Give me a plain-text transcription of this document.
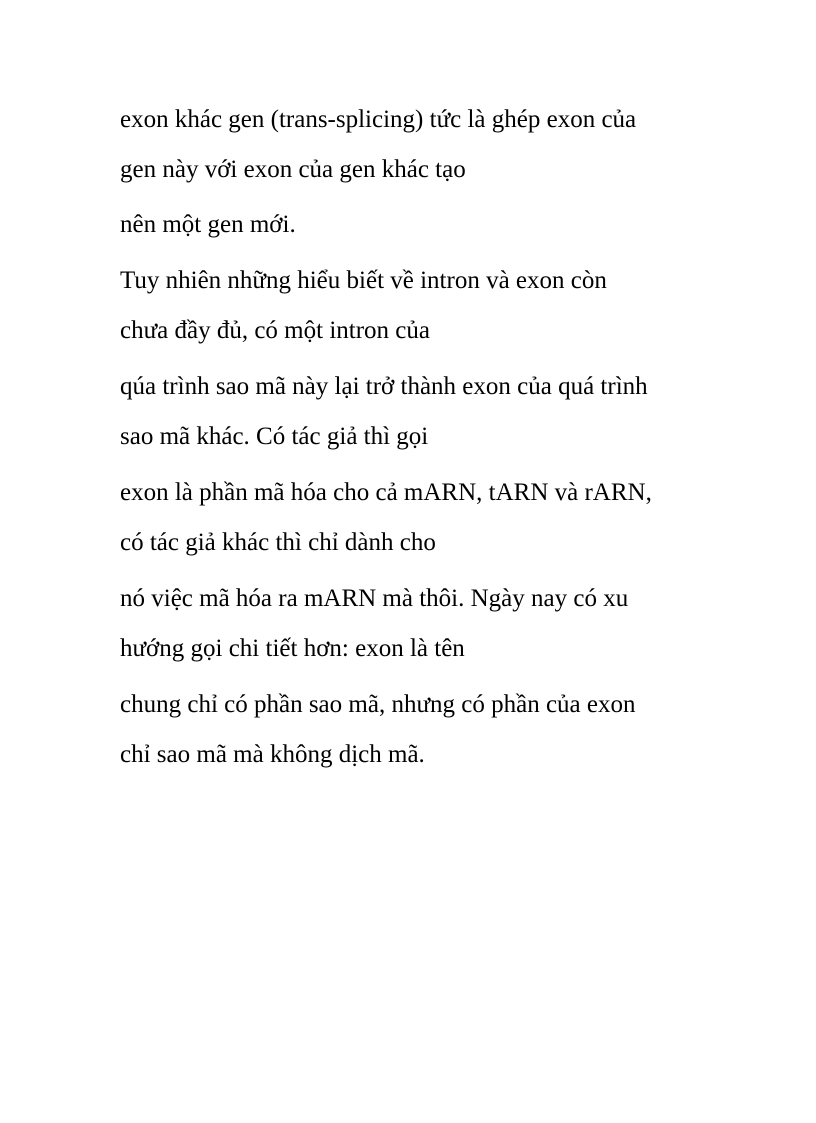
exon khác gen (trans-splicing) tức là ghép exon của

gen này với exon của gen khác tạo

nên một gen mới.

Tuy nhiên những hiểu biết về intron và exon còn

chưa đầy đủ, có một intron của

qúa trình sao mã này lại trở thành exon của quá trình

sao mã khác. Có tác giả thì gọi

exon là phần mã hóa cho cả mARN, tARN và rARN,

có tác giả khác thì chỉ dành cho

nó việc mã hóa ra mARN mà thôi. Ngày nay có xu

hướng gọi chi tiết hơn: exon là tên

chung chỉ có phần sao mã, nhưng có phần của exon

chỉ sao mã mà không dịch mã.
